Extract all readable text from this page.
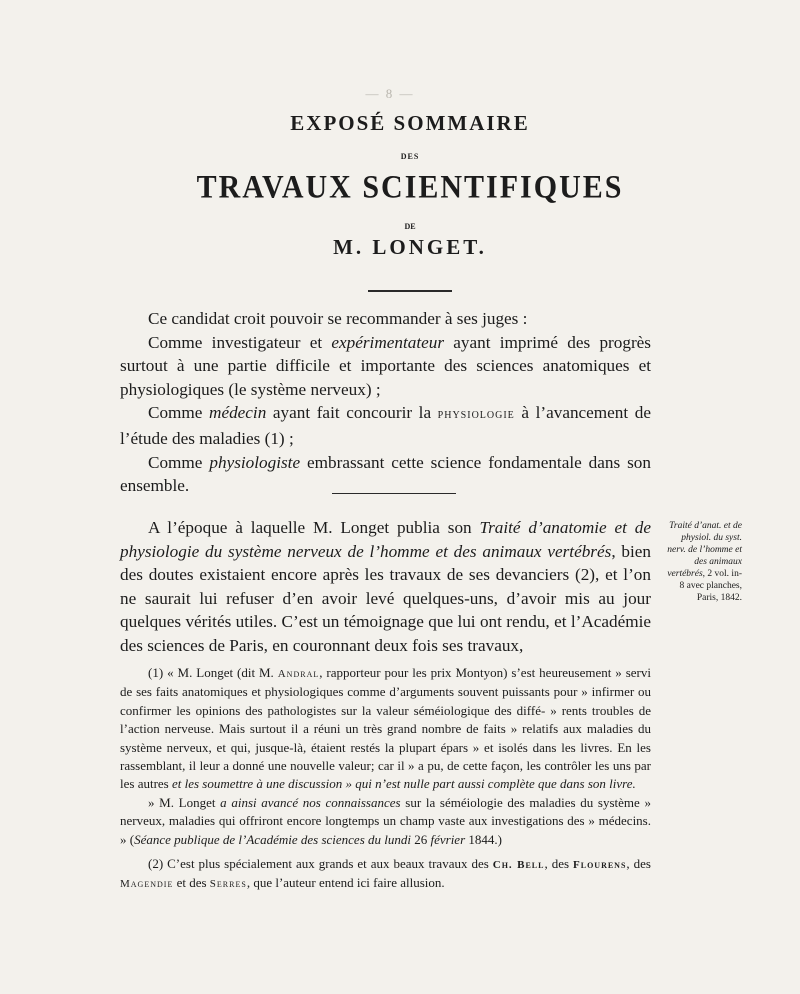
— 8 —
EXPOSÉ SOMMAIRE
DES
TRAVAUX SCIENTIFIQUES
DE
M. LONGET.

Ce candidat croit pouvoir se recommander à ses juges :

Comme investigateur et expérimentateur ayant imprimé des progrès surtout à une partie difficile et importante des sciences anatomiques et physiologiques (le système nerveux) ;

Comme médecin ayant fait concourir la physiologie à l’avancement de l’étude des maladies (1) ;

Comme physiologiste embrassant cette science fondamentale dans son ensemble.

A l’époque à laquelle M. Longet publia son Traité d’anatomie et de physiologie du système nerveux de l’homme et des animaux vertébrés, bien des doutes existaient encore après les travaux de ses devanciers (2), et l’on ne saurait lui refuser d’en avoir levé quelques-uns, d’avoir mis au jour quelques vérités utiles. C’est un témoignage que lui ont rendu, et l’Académie des sciences de Paris, en couronnant deux fois ses travaux,

Traité d’anat. et de physiol. du syst. nerv. de l’homme et des animaux vertébrés, 2 vol. in-8 avec planches, Paris, 1842.

(1) « M. Longet (dit M. Andral, rapporteur pour les prix Montyon) s’est heureusement » servi de ses faits anatomiques et physiologiques comme d’arguments souvent puissants pour » infirmer ou confirmer les opinions des pathologistes sur la valeur séméiologique des diffé- » rents troubles de l’action nerveuse. Mais surtout il a réuni un très grand nombre de faits » relatifs aux maladies du système nerveux, et qui, jusque-là, étaient restés la plupart épars » et isolés dans les livres. En les rassemblant, il leur a donné une nouvelle valeur; car il » a pu, de cette façon, les contrôler les uns par les autres et les soumettre à une discussion » qui n’est nulle part aussi complète que dans son livre.

» M. Longet a ainsi avancé nos connaissances sur la séméiologie des maladies du système » nerveux, maladies qui offriront encore longtemps un champ vaste aux investigations des » médecins. » (Séance publique de l’Académie des sciences du lundi 26 février 1844.)

(2) C’est plus spécialement aux grands et aux beaux travaux des Ch. Bell, des Flourens, des Magendie et des Serres, que l’auteur entend ici faire allusion.
